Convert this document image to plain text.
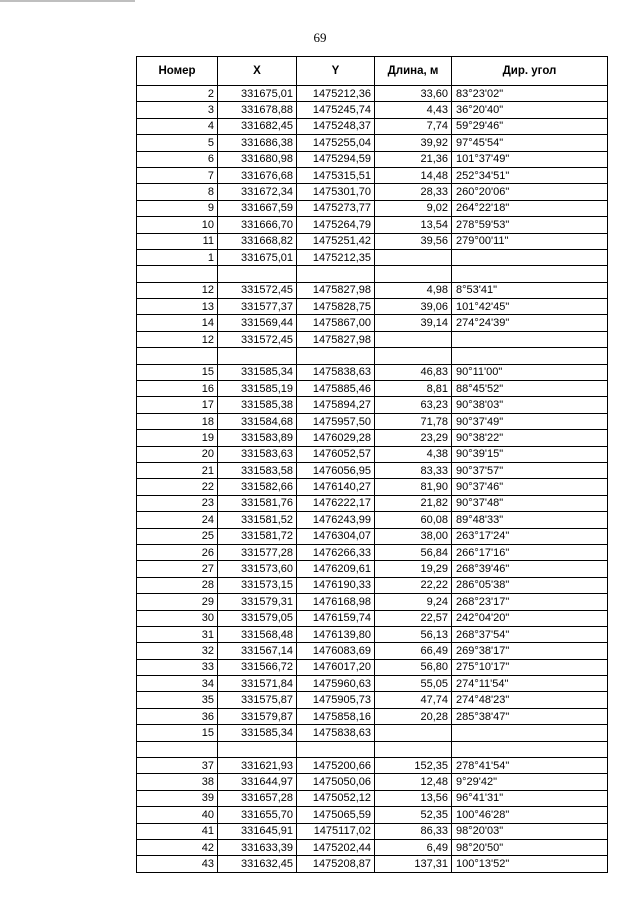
69
Номер	X	Y	Длина, м	Дир. угол
2	331675,01	1475212,36	33,60	83°23'02"
3	331678,88	1475245,74	4,43	36°20'40"
4	331682,45	1475248,37	7,74	59°29'46"
5	331686,38	1475255,04	39,92	97°45'54"
6	331680,98	1475294,59	21,36	101°37'49"
7	331676,68	1475315,51	14,48	252°34'51"
8	331672,34	1475301,70	28,33	260°20'06"
9	331667,59	1475273,77	9,02	264°22'18"
10	331666,70	1475264,79	13,54	278°59'53"
11	331668,82	1475251,42	39,56	279°00'11"
1	331675,01	1475212,35		

12	331572,45	1475827,98	4,98	8°53'41"
13	331577,37	1475828,75	39,06	101°42'45"
14	331569,44	1475867,00	39,14	274°24'39"
12	331572,45	1475827,98		

15	331585,34	1475838,63	46,83	90°11'00"
16	331585,19	1475885,46	8,81	88°45'52"
17	331585,38	1475894,27	63,23	90°38'03"
18	331584,68	1475957,50	71,78	90°37'49"
19	331583,89	1476029,28	23,29	90°38'22"
20	331583,63	1476052,57	4,38	90°39'15"
21	331583,58	1476056,95	83,33	90°37'57"
22	331582,66	1476140,27	81,90	90°37'46"
23	331581,76	1476222,17	21,82	90°37'48"
24	331581,52	1476243,99	60,08	89°48'33"
25	331581,72	1476304,07	38,00	263°17'24"
26	331577,28	1476266,33	56,84	266°17'16"
27	331573,60	1476209,61	19,29	268°39'46"
28	331573,15	1476190,33	22,22	286°05'38"
29	331579,31	1476168,98	9,24	268°23'17"
30	331579,05	1476159,74	22,57	242°04'20"
31	331568,48	1476139,80	56,13	268°37'54"
32	331567,14	1476083,69	66,49	269°38'17"
33	331566,72	1476017,20	56,80	275°10'17"
34	331571,84	1475960,63	55,05	274°11'54"
35	331575,87	1475905,73	47,74	274°48'23"
36	331579,87	1475858,16	20,28	285°38'47"
15	331585,34	1475838,63		

37	331621,93	1475200,66	152,35	278°41'54"
38	331644,97	1475050,06	12,48	9°29'42"
39	331657,28	1475052,12	13,56	96°41'31"
40	331655,70	1475065,59	52,35	100°46'28"
41	331645,91	1475117,02	86,33	98°20'03"
42	331633,39	1475202,44	6,49	98°20'50"
43	331632,45	1475208,87	137,31	100°13'52"
